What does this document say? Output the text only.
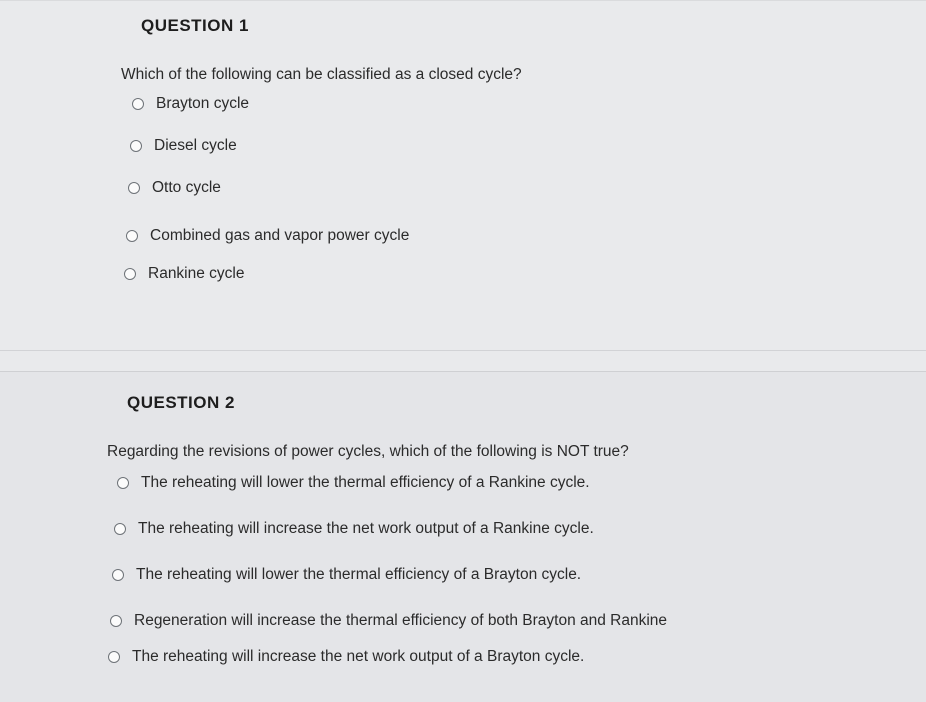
QUESTION 1
Which of the following can be classified as a closed cycle?
Brayton cycle
Diesel cycle
Otto cycle
Combined gas and vapor power cycle
Rankine cycle
QUESTION 2
Regarding the revisions of power cycles, which of the following is NOT true?
The reheating will lower the thermal efficiency of a Rankine cycle.
The reheating will increase the net work output of a Rankine cycle.
The reheating will lower the thermal efficiency of a Brayton cycle.
Regeneration will increase the thermal efficiency of both Brayton and Rankine
The reheating will increase the net work output of a Brayton cycle.
